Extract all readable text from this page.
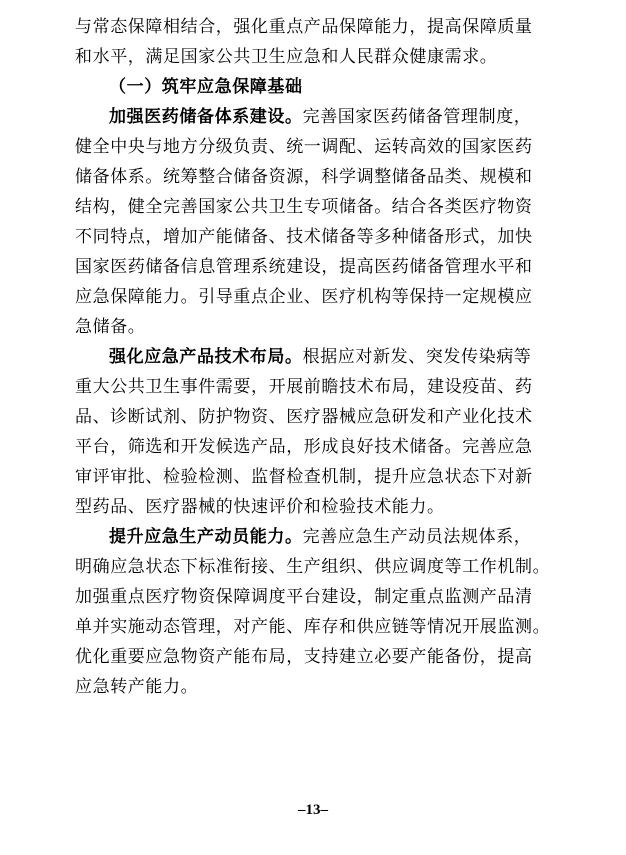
与常态保障相结合，强化重点产品保障能力，提高保障质量
和水平，满足国家公共卫生应急和人民群众健康需求。
（一）筑牢应急保障基础
加强医药储备体系建设。完善国家医药储备管理制度，
健全中央与地方分级负责、统一调配、运转高效的国家医药
储备体系。统筹整合储备资源，科学调整储备品类、规模和
结构，健全完善国家公共卫生专项储备。结合各类医疗物资
不同特点，增加产能储备、技术储备等多种储备形式，加快
国家医药储备信息管理系统建设，提高医药储备管理水平和
应急保障能力。引导重点企业、医疗机构等保持一定规模应
急储备。
强化应急产品技术布局。根据应对新发、突发传染病等
重大公共卫生事件需要，开展前瞻技术布局，建设疫苗、药
品、诊断试剂、防护物资、医疗器械应急研发和产业化技术
平台，筛选和开发候选产品，形成良好技术储备。完善应急
审评审批、检验检测、监督检查机制，提升应急状态下对新
型药品、医疗器械的快速评价和检验技术能力。
提升应急生产动员能力。完善应急生产动员法规体系，
明确应急状态下标准衔接、生产组织、供应调度等工作机制。
加强重点医疗物资保障调度平台建设，制定重点监测产品清
单并实施动态管理，对产能、库存和供应链等情况开展监测。
优化重要应急物资产能布局，支持建立必要产能备份，提高
应急转产能力。
–13–
